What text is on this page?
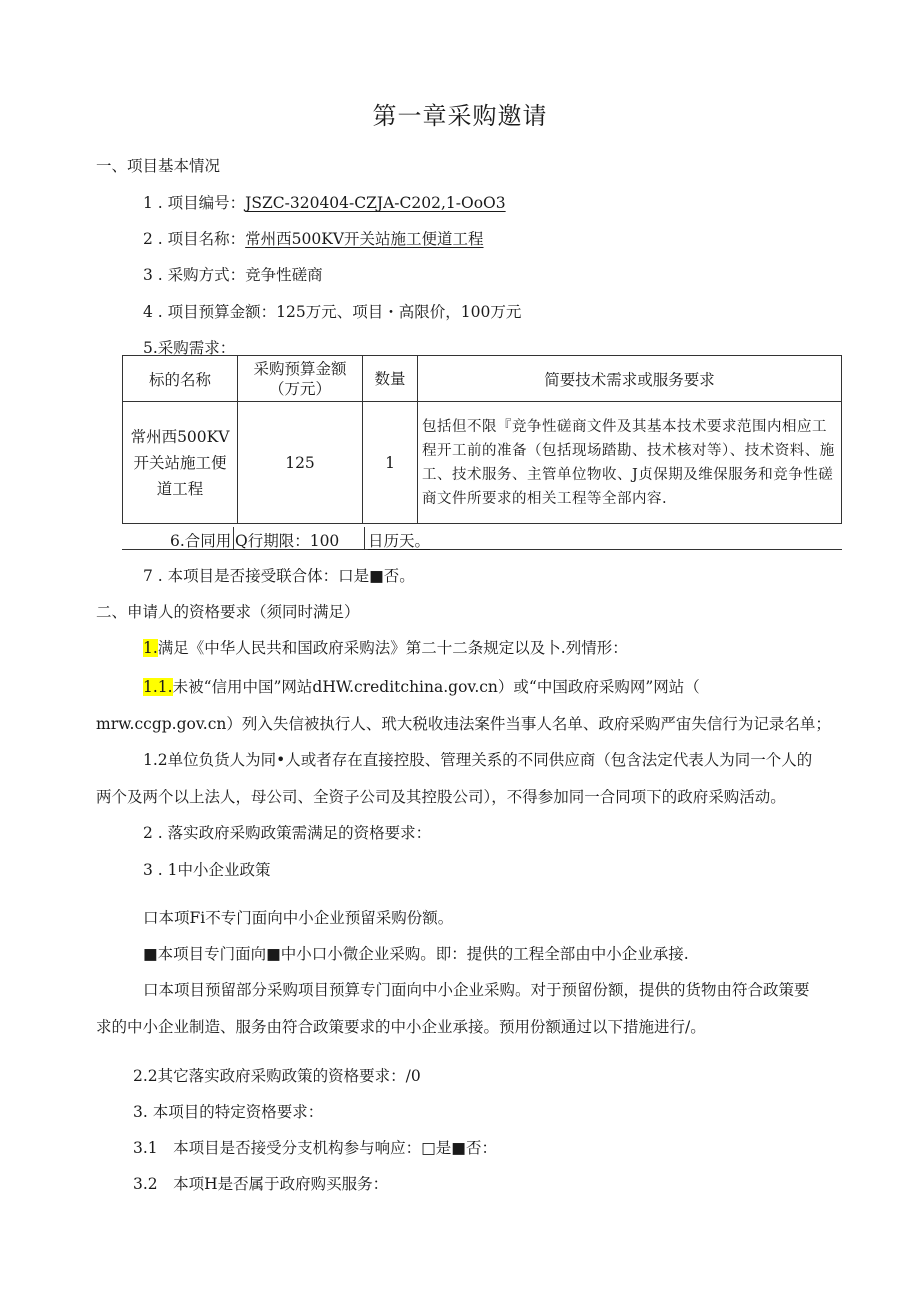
第一章采购邀请
一、项目基本情况
1 . 项目编号：JSZC-320404-CZJA-C202,1-OoO3
2 . 项目名称：常州西500KV开关站施工便道工程
3 . 采购方式：竞争性磋商
4 . 项目预算金额：125万元、项目・高限价，100万元
5.采购需求：
标的名称	采购预算金额（万元）	数量	简要技术需求或服务要求
常州西500KV开关站施工便道工程	125	1	包括但不限『竞争性磋商文件及其基本技术要求范围内相应工程开工前的准备（包括现场踏勘、技术核对等）、技术资料、施工、技术服务、主管单位物收、J贞保期及维保服务和竞争性磋商文件所要求的相关工程等全部内容.
6.合同用 Q行期限：100 日历天。
7 . 本项目是否接受联合体：口是■否。
二、申请人的资格要求（须同时满足）
1.满足《中华人民共和国政府采购法》第二十二条规定以及卜.列情形：
1.1.未被“信用中国”网站dHW.creditchina.gov.cn）或“中国政府采购网”网站（
mrw.ccgp.gov.cn）列入失信被执行人、玳大税收违法案件当事人名单、政府采购严宙失信行为记录名单；
1.2单位负货人为同•人或者存在直接控股、管理关系的不同供应商（包含法定代表人为同一个人的
两个及两个以上法人，母公司、全资子公司及其控股公司），不得参加同一合同项下的政府采购活动。
2 . 落实政府采购政策需满足的资格要求：
3 . 1中小企业政策
口本项Fi不专门面向中小企业预留采购份额。
■本项目专门面向■中小口小微企业采购。即：提供的工程全部由中小企业承接.
口本项目预留部分采购项目预算专门面向中小企业采购。对于预留份额，提供的货物由符合政策要
求的中小企业制造、服务由符合政策要求的中小企业承接。预用份额通过以下措施进行/。
2.2其它落实政府采购政策的资格要求：/0
3. 本项目的特定资格要求：
3.1　本项目是否接受分支机构参与响应：□是■否：
3.2　本项H是否属于政府购买服务：
